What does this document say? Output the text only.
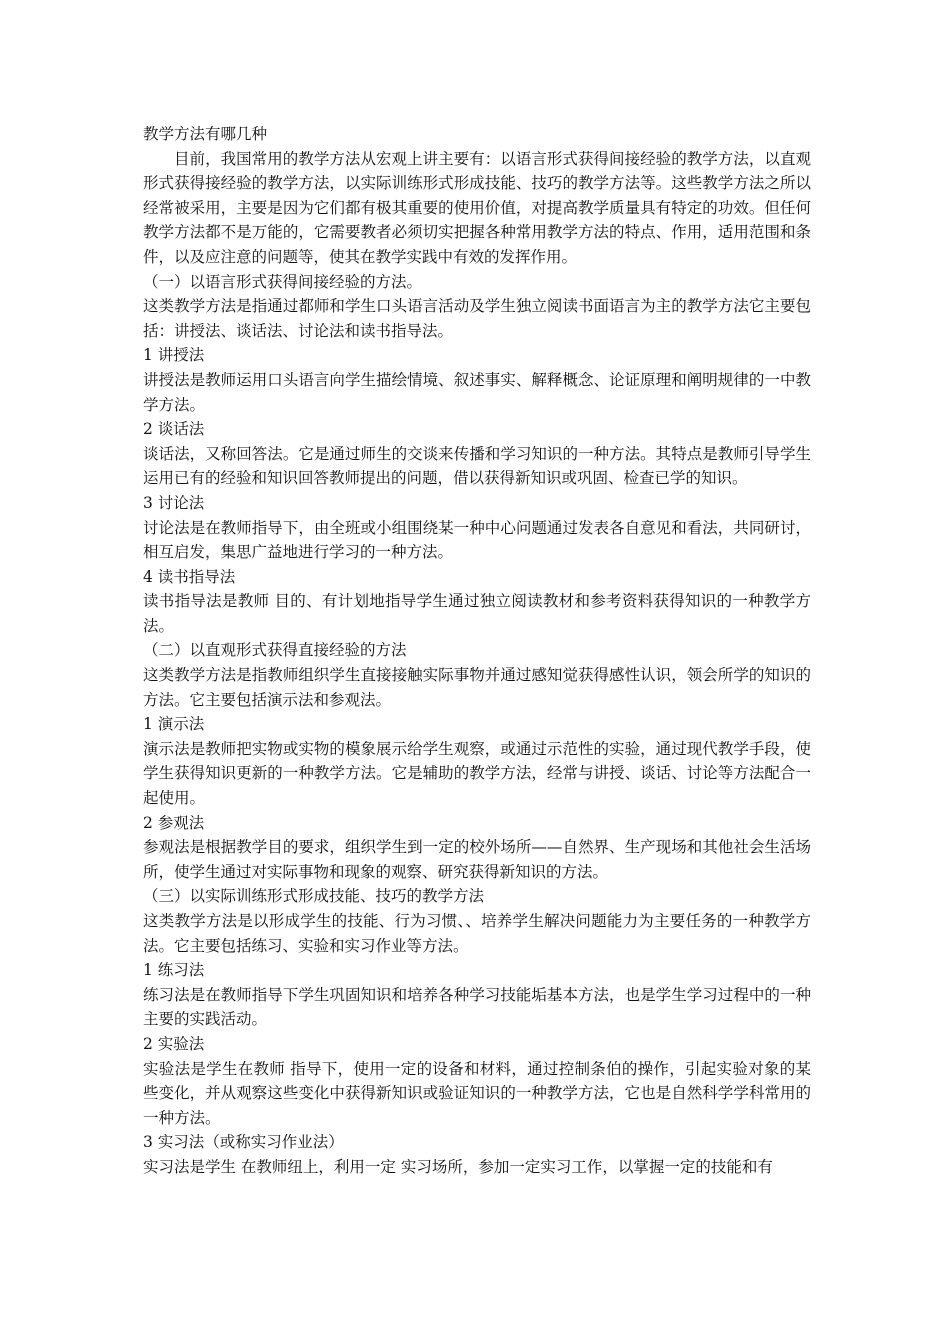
教学方法有哪几种

目前，我国常用的教学方法从宏观上讲主要有：以语言形式获得间接经验的教学方法，以直观形式获得接经验的教学方法，以实际训练形式形成技能、技巧的教学方法等。这些教学方法之所以经常被采用，主要是因为它们都有极其重要的使用价值，对提高教学质量具有特定的功效。但任何教学方法都不是万能的，它需要教者必须切实把握各种常用教学方法的特点、作用，适用范围和条件，以及应注意的问题等，使其在教学实践中有效的发挥作用。

（一）以语言形式获得间接经验的方法。

这类教学方法是指通过都师和学生口头语言活动及学生独立阅读书面语言为主的教学方法它主要包括：讲授法、谈话法、讨论法和读书指导法。

1 讲授法

讲授法是教师运用口头语言向学生描绘情境、叙述事实、解释概念、论证原理和阐明规律的一中教学方法。

2 谈话法

谈话法，又称回答法。它是通过师生的交谈来传播和学习知识的一种方法。其特点是教师引导学生运用已有的经验和知识回答教师提出的问题，借以获得新知识或巩固、检查已学的知识。

3 讨论法

讨论法是在教师指导下，由全班或小组围绕某一种中心问题通过发表各自意见和看法，共同研讨，相互启发，集思广益地进行学习的一种方法。

4 读书指导法

读书指导法是教师 目的、有计划地指导学生通过独立阅读教材和参考资料获得知识的一种教学方法。

（二）以直观形式获得直接经验的方法

这类教学方法是指教师组织学生直接接触实际事物并通过感知觉获得感性认识，领会所学的知识的方法。它主要包括演示法和参观法。

1 演示法

演示法是教师把实物或实物的模象展示给学生观察，或通过示范性的实验，通过现代教学手段，使学生获得知识更新的一种教学方法。它是辅助的教学方法，经常与讲授、谈话、讨论等方法配合一起使用。

2 参观法

参观法是根据教学目的要求，组织学生到一定的校外场所——自然界、生产现场和其他社会生活场所，使学生通过对实际事物和现象的观察、研究获得新知识的方法。

（三）以实际训练形式形成技能、技巧的教学方法

这类教学方法是以形成学生的技能、行为习惯、、培养学生解决问题能力为主要任务的一种教学方法。它主要包括练习、实验和实习作业等方法。

1 练习法

练习法是在教师指导下学生巩固知识和培养各种学习技能垢基本方法，也是学生学习过程中的一种主要的实践活动。

2 实验法

实验法是学生在教师 指导下，使用一定的设备和材料，通过控制条伯的操作，引起实验对象的某些变化，并从观察这些变化中获得新知识或验证知识的一种教学方法，它也是自然科学学科常用的一种方法。

3 实习法（或称实习作业法）

实习法是学生 在教师纽上，利用一定 实习场所，参加一定实习工作，以掌握一定的技能和有
